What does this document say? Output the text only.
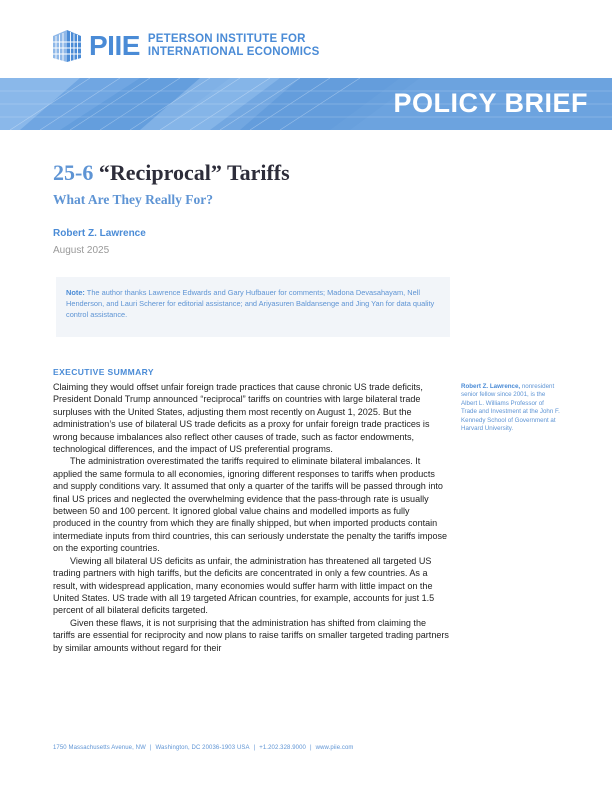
PIIE PETERSON INSTITUTE FOR
INTERNATIONAL ECONOMICS
POLICY BRIEF
25-6 “Reciprocal” Tariffs
What Are They Really For?
Robert Z. Lawrence
August 2025
Note: The author thanks Lawrence Edwards and Gary Hufbauer for comments; Madona Devasahayam, Nell Henderson, and Lauri Scherer for editorial assistance; and Ariyasuren Baldansenge and Jing Yan for data quality control assistance.
EXECUTIVE SUMMARY

Claiming they would offset unfair foreign trade practices that cause chronic US trade deficits, President Donald Trump announced “reciprocal” tariffs on countries with large bilateral trade surpluses with the United States, adjusting them most recently on August 1, 2025. But the administration’s use of bilateral US trade deficits as a proxy for unfair foreign trade practices is wrong because imbalances also reflect other causes of trade, such as factor endowments, technological differences, and the impact of US preferential programs.

The administration overestimated the tariffs required to eliminate bilateral imbalances. It applied the same formula to all economies, ignoring different responses to tariffs when products and supply conditions vary. It assumed that only a quarter of the tariffs will be passed through into final US prices and neglected the overwhelming evidence that the pass-through rate is usually between 50 and 100 percent. It ignored global value chains and modelled imports as fully produced in the country from which they are finally shipped, but when imported products contain intermediate inputs from third countries, this can seriously understate the penalty the tariffs impose on the exporting countries.

Viewing all bilateral US deficits as unfair, the administration has threatened all targeted US trading partners with high tariffs, but the deficits are concentrated in only a few countries. As a result, with widespread application, many economies would suffer harm with little impact on the United States. US trade with all 19 targeted African countries, for example, accounts for just 1.5 percent of all bilateral deficits targeted.

Given these flaws, it is not surprising that the administration has shifted from claiming the tariffs are essential for reciprocity and now plans to raise tariffs on smaller targeted trading partners by similar amounts without regard for their

Robert Z. Lawrence, nonresident senior fellow since 2001, is the Albert L. Williams Professor of Trade and Investment at the John F. Kennedy School of Government at Harvard University.
1750 Massachusetts Avenue, NW | Washington, DC 20036-1903 USA | +1.202.328.9000 | www.piie.com
